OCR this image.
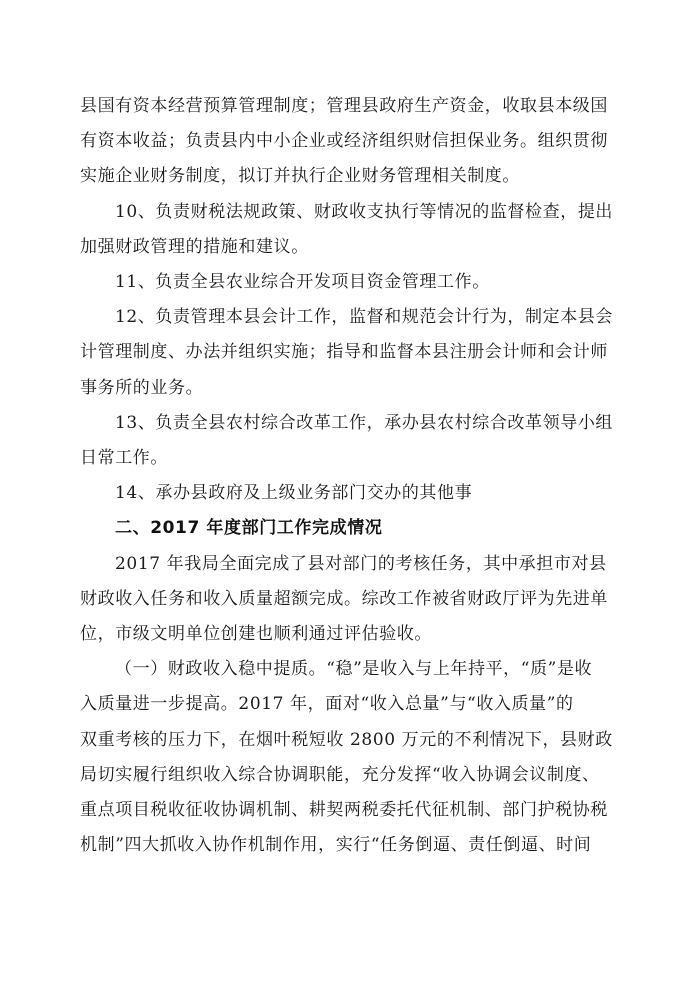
县国有资本经营预算管理制度；管理县政府生产资金，收取县本级国
有资本收益；负责县内中小企业或经济组织财信担保业务。组织贯彻
实施企业财务制度，拟订并执行企业财务管理相关制度。

10、负责财税法规政策、财政收支执行等情况的监督检查，提出
加强财政管理的措施和建议。

11、负责全县农业综合开发项目资金管理工作。

12、负责管理本县会计工作，监督和规范会计行为，制定本县会
计管理制度、办法并组织实施；指导和监督本县注册会计师和会计师
事务所的业务。

13、负责全县农村综合改革工作，承办县农村综合改革领导小组
日常工作。

14、承办县政府及上级业务部门交办的其他事

二、2017 年度部门工作完成情况

2017 年我局全面完成了县对部门的考核任务，其中承担市对县
财政收入任务和收入质量超额完成。综改工作被省财政厅评为先进单
位，市级文明单位创建也顺利通过评估验收。

（一）财政收入稳中提质。“稳”是收入与上年持平，“质”是收
入质量进一步提高。2017 年，面对“收入总量”与“收入质量”的
双重考核的压力下，在烟叶税短收 2800 万元的不利情况下，县财政
局切实履行组织收入综合协调职能，充分发挥“收入协调会议制度、
重点项目税收征收协调机制、耕契两税委托代征机制、部门护税协税
机制”四大抓收入协作机制作用，实行“任务倒逼、责任倒逼、时间
